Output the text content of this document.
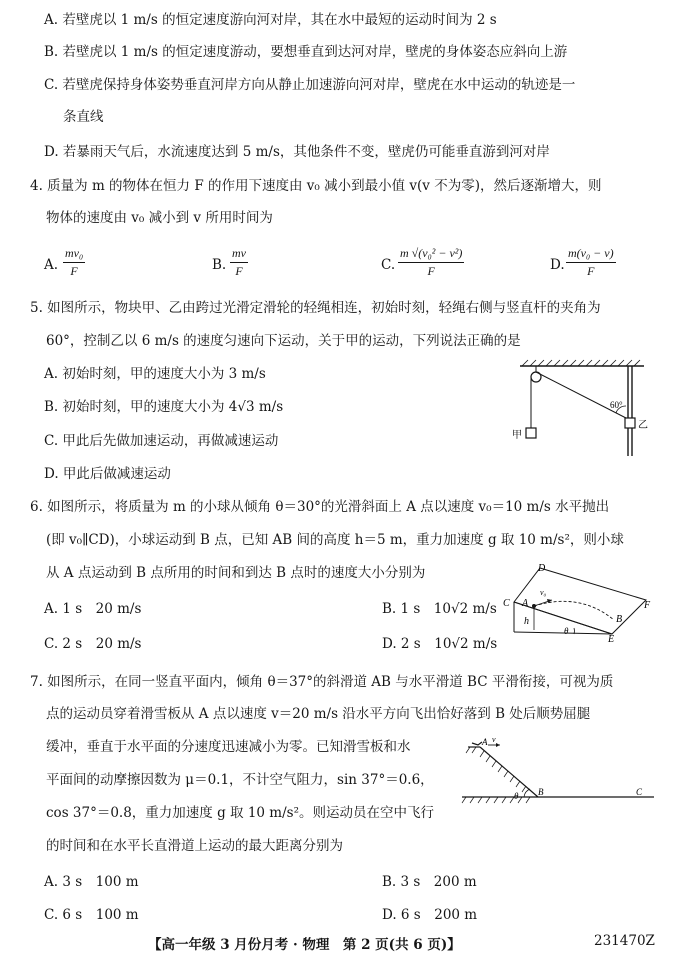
A. 若壁虎以 1 m/s 的恒定速度游向河对岸，其在水中最短的运动时间为 2 s
B. 若壁虎以 1 m/s 的恒定速度游动，要想垂直到达河对岸，壁虎的身体姿态应斜向上游
C. 若壁虎保持身体姿势垂直河岸方向从静止加速游向河对岸，壁虎在水中运动的轨迹是一
条直线
D. 若暴雨天气后，水流速度达到 5 m/s，其他条件不变，壁虎仍可能垂直游到河对岸
4. 质量为 m 的物体在恒力 F 的作用下速度由 v₀ 减小到最小值 v(v 不为零)，然后逐渐增大，则
物体的速度由 v₀ 减小到 v 所用时间为
A.
mv₀
F	B.
mv
F	C.
m √(v₀² − v²)
F	D.
m(v₀ − v)
F
5. 如图所示，物块甲、乙由跨过光滑定滑轮的轻绳相连，初始时刻，轻绳右侧与竖直杆的夹角为
60°，控制乙以 6 m/s 的速度匀速向下运动，关于甲的运动，下列说法正确的是
A. 初始时刻，甲的速度大小为 3 m/s
B. 初始时刻，甲的速度大小为 4√3 m/s
C. 甲此后先做加速运动，再做减速运动
D. 甲此后做减速运动
甲
乙
60°
6. 如图所示，将质量为 m 的小球从倾角 θ＝30°的光滑斜面上 A 点以速度 v₀＝10 m/s 水平抛出
(即 v₀∥CD)，小球运动到 B 点，已知 AB 间的高度 h＝5 m，重力加速度 g 取 10 m/s²，则小球
从 A 点运动到 B 点所用的时间和到达 B 点时的速度大小分别为
A. 1 s　20 m/s	B. 1 s　10√2 m/s
C. 2 s　20 m/s	D. 2 s　10√2 m/s
C
D
A
v₀
h
θ
B
E
F
7. 如图所示，在同一竖直平面内，倾角 θ＝37°的斜滑道 AB 与水平滑道 BC 平滑衔接，可视为质
点的运动员穿着滑雪板从 A 点以速度 v＝20 m/s 沿水平方向飞出恰好落到 B 处后顺势屈腿
缓冲，垂直于水平面的分速度迅速减小为零。已知滑雪板和水
平面间的动摩擦因数为 μ＝0.1，不计空气阻力，sin 37°＝0.6，
cos 37°＝0.8，重力加速度 g 取 10 m/s²。则运动员在空中飞行
的时间和在水平长直滑道上运动的最大距离分别为
A. 3 s　100 m	B. 3 s　200 m
C. 6 s　100 m	D. 6 s　200 m
A v
θ B	C
【高一年级 3 月份月考 · 物理　第 2 页(共 6 页)】	231470Z
